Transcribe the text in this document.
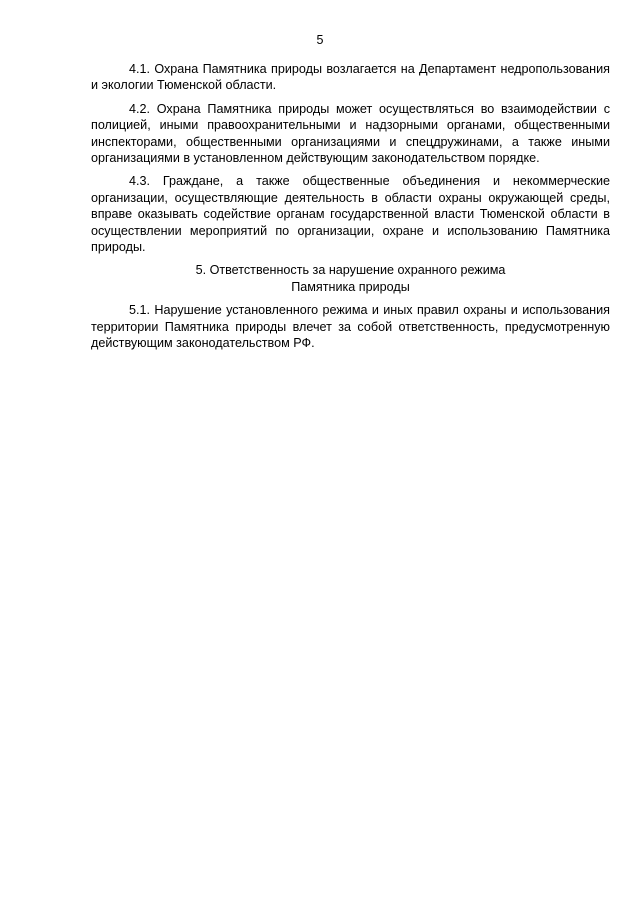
5

4.1. Охрана Памятника природы возлагается на Департамент недропользования и экологии Тюменской области.

4.2. Охрана Памятника природы может осуществляться во взаимодействии с полицией, иными правоохранительными и надзорными органами, общественными инспекторами, общественными организациями и спецдружинами, а также иными организациями в установленном действующим законодательством порядке.

4.3. Граждане, а также общественные объединения и некоммерческие организации, осуществляющие деятельность в области охраны окружающей среды, вправе оказывать содействие органам государственной власти Тюменской области в осуществлении мероприятий по организации, охране и использованию Памятника природы.

5. Ответственность за нарушение охранного режима
Памятника природы

5.1. Нарушение установленного режима и иных правил охраны и использования территории Памятника природы влечет за собой ответственность, предусмотренную действующим законодательством РФ.
